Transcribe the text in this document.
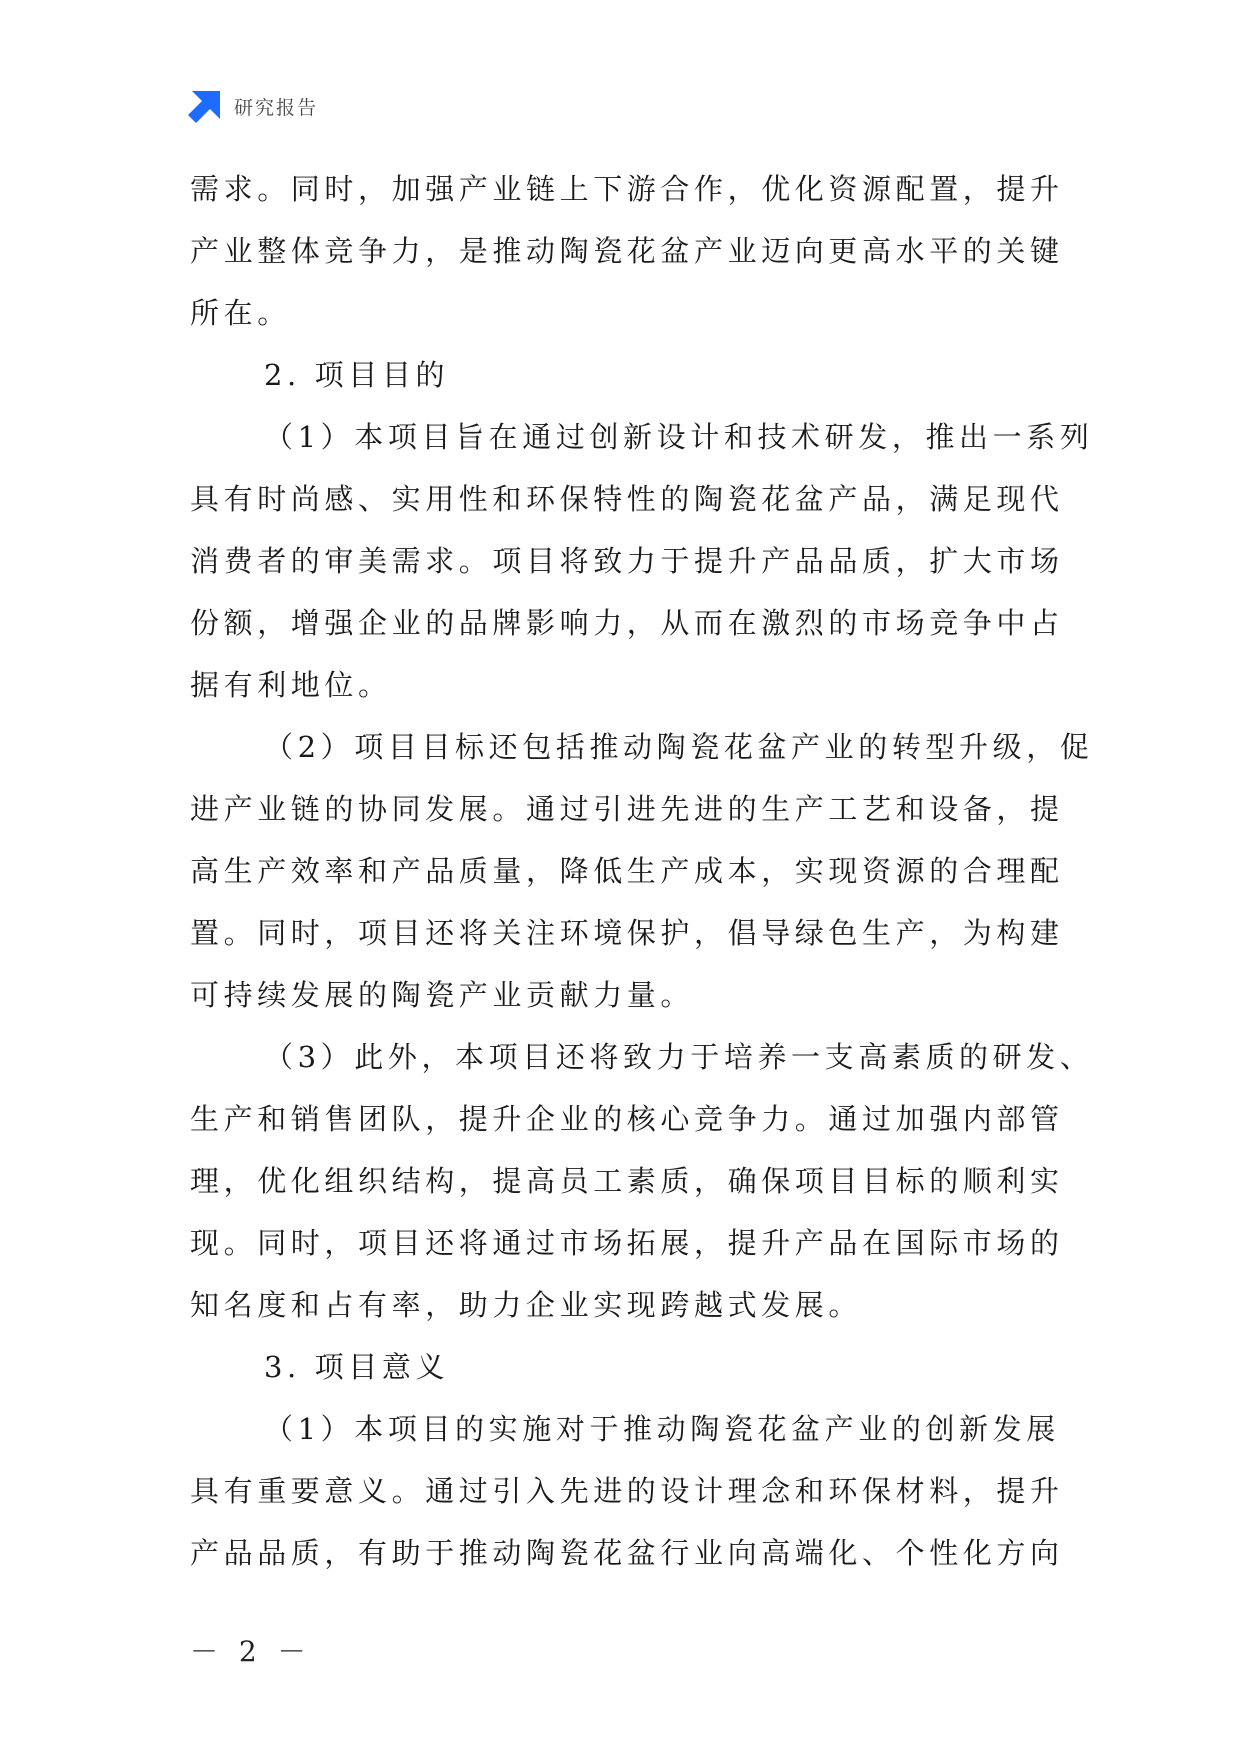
研究报告
需求。同时，加强产业链上下游合作，优化资源配置，提升
产业整体竞争力，是推动陶瓷花盆产业迈向更高水平的关键
所在。
2. 项目目的
（1）本项目旨在通过创新设计和技术研发，推出一系列
具有时尚感、实用性和环保特性的陶瓷花盆产品，满足现代
消费者的审美需求。项目将致力于提升产品品质，扩大市场
份额，增强企业的品牌影响力，从而在激烈的市场竞争中占
据有利地位。
（2）项目目标还包括推动陶瓷花盆产业的转型升级，促
进产业链的协同发展。通过引进先进的生产工艺和设备，提
高生产效率和产品质量，降低生产成本，实现资源的合理配
置。同时，项目还将关注环境保护，倡导绿色生产，为构建
可持续发展的陶瓷产业贡献力量。
（3）此外，本项目还将致力于培养一支高素质的研发、
生产和销售团队，提升企业的核心竞争力。通过加强内部管
理，优化组织结构，提高员工素质，确保项目目标的顺利实
现。同时，项目还将通过市场拓展，提升产品在国际市场的
知名度和占有率，助力企业实现跨越式发展。
3. 项目意义
（1）本项目的实施对于推动陶瓷花盆产业的创新发展
具有重要意义。通过引入先进的设计理念和环保材料，提升
产品品质，有助于推动陶瓷花盆行业向高端化、个性化方向
－ 2 －
